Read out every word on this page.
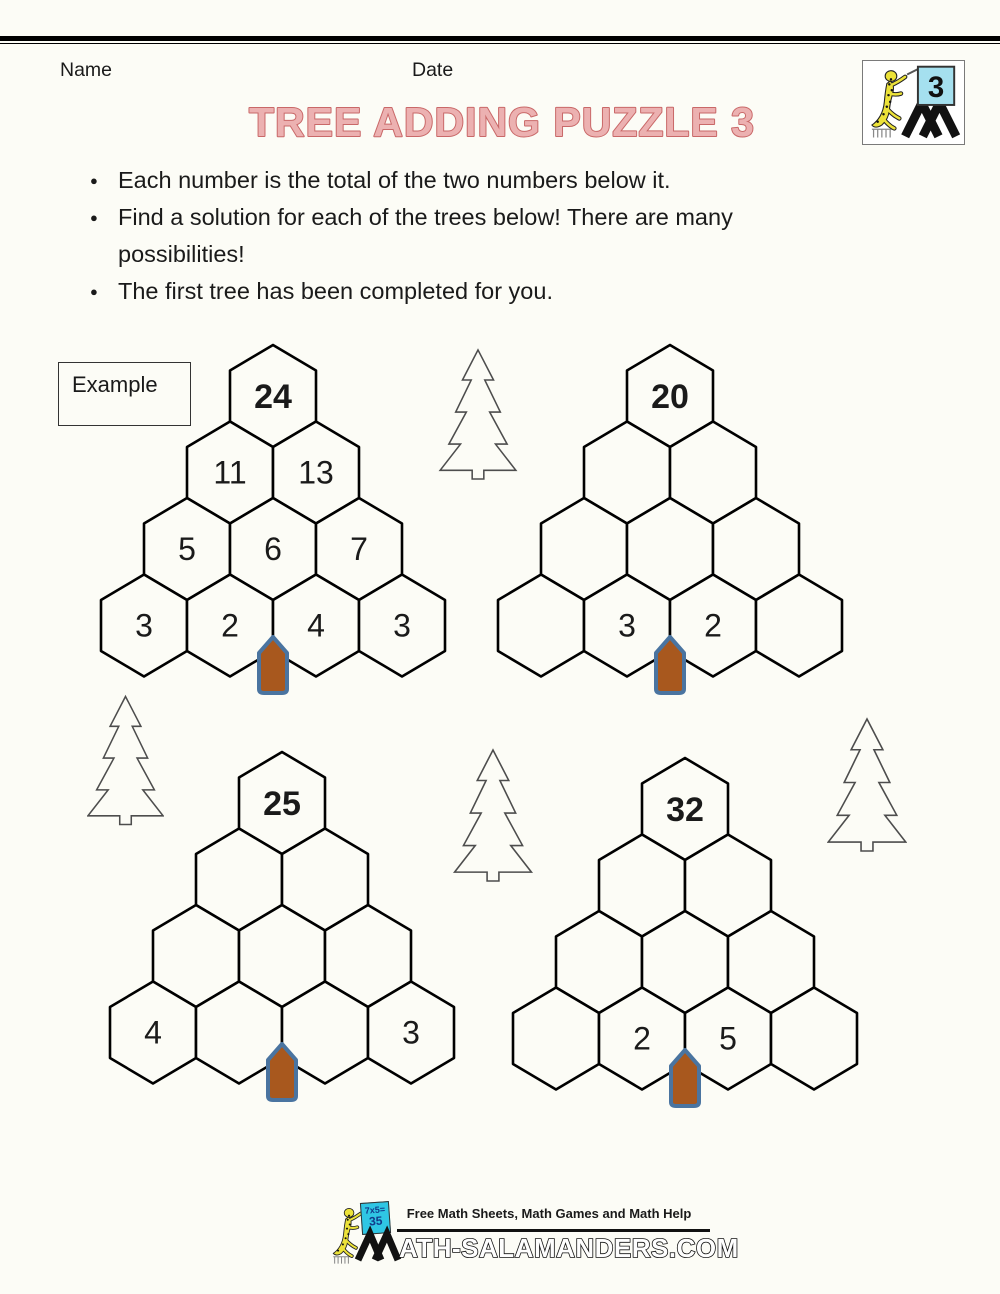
Name	Date
TREE ADDING PUZZLE 3
3
● Each number is the total of the two numbers below it.
● Find a solution for each of the trees below! There are many possibilities!
● The first tree has been completed for you.
Example	24
11 13
5 6 7
3 2 4 3
20
3 2
25
4	3
32
2 5
7x5=
35	Free Math Sheets, Math Games and Math Help
ATH-SALAMANDERS.COM
